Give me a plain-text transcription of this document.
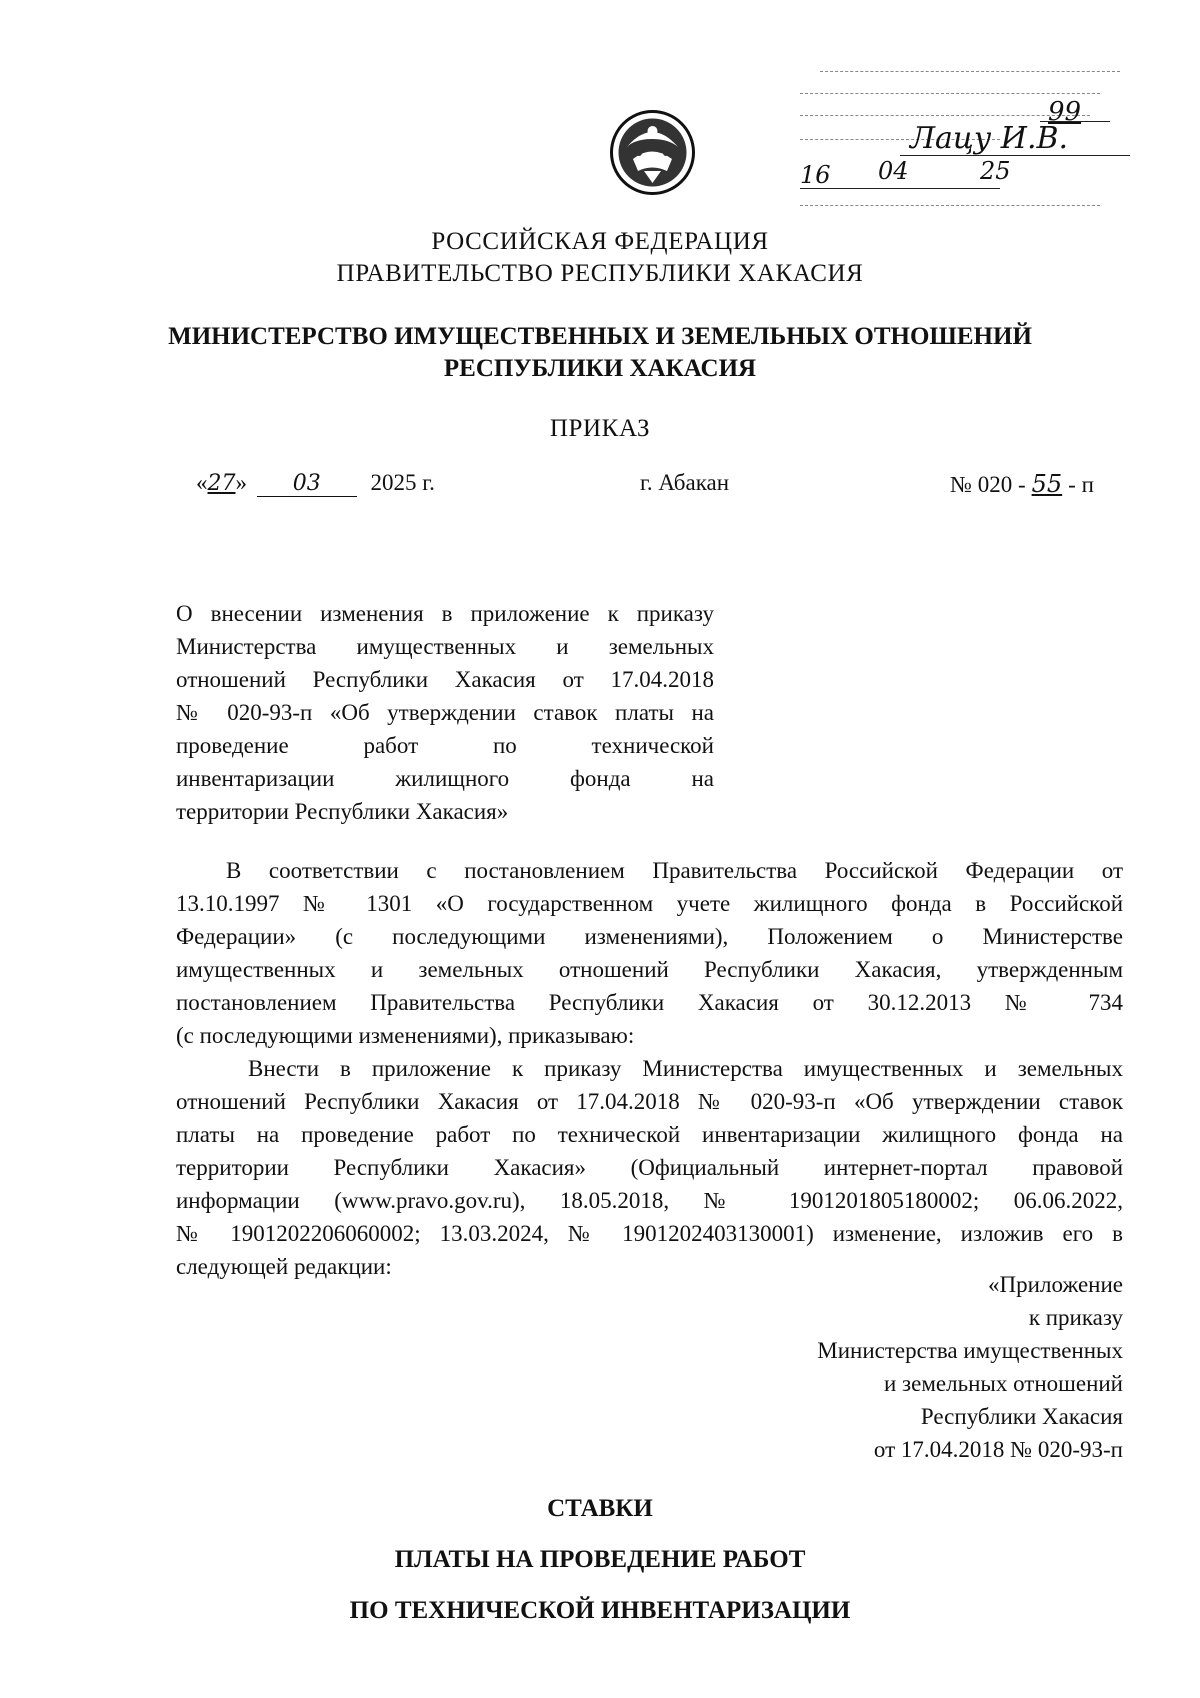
99
Лацу И.В.
16 04	25
РОССИЙСКАЯ ФЕДЕРАЦИЯ
ПРАВИТЕЛЬСТВО РЕСПУБЛИКИ ХАКАСИЯ
МИНИСТЕРСТВО ИМУЩЕСТВЕННЫХ И ЗЕМЕЛЬНЫХ ОТНОШЕНИЙ
РЕСПУБЛИКИ ХАКАСИЯ
ПРИКАЗ
«27» 03 2025 г.	г. Абакан	№ 020 - 55 - п
О внесении изменения в приложение к приказу
Министерства имущественных и земельных
отношений Республики Хакасия от 17.04.2018
№ 020-93-п «Об утверждении ставок платы на
проведение работ по технической
инвентаризации жилищного фонда на
территории Республики Хакасия»
В соответствии с постановлением Правительства Российской Федерации от
13.10.1997 № 1301 «О государственном учете жилищного фонда в Российской
Федерации» (с последующими изменениями), Положением о Министерстве
имущественных и земельных отношений Республики Хакасия, утвержденным
постановлением Правительства Республики Хакасия от 30.12.2013 № 734
(с последующими изменениями), приказываю:
Внести в приложение к приказу Министерства имущественных и земельных
отношений Республики Хакасия от 17.04.2018 № 020-93-п «Об утверждении ставок
платы на проведение работ по технической инвентаризации жилищного фонда на
территории Республики Хакасия» (Официальный интернет-портал правовой
информации (www.pravo.gov.ru), 18.05.2018, № 1901201805180002; 06.06.2022,
№ 1901202206060002; 13.03.2024, № 1901202403130001) изменение, изложив его в
следующей редакции:
«Приложение
к приказу
Министерства имущественных
и земельных отношений
Республики Хакасия
от 17.04.2018 № 020-93-п
СТАВКИ
ПЛАТЫ НА ПРОВЕДЕНИЕ РАБОТ
ПО ТЕХНИЧЕСКОЙ ИНВЕНТАРИЗАЦИИ
